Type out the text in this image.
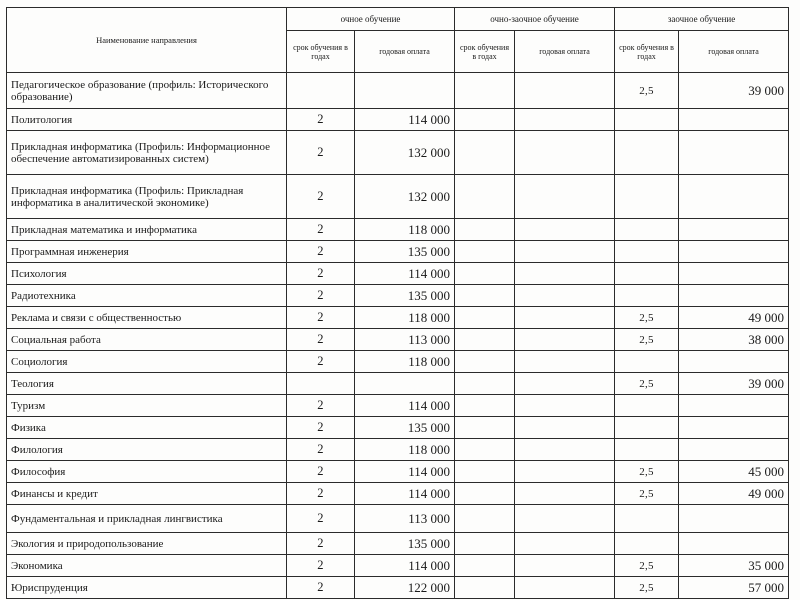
Наименование направления	очное обучение		очно-заочное обучение		заочное обучение	
	срок обучения в годах	годовая оплата	срок обучения в годах	годовая оплата	срок обучения в годах	годовая оплата
Педагогическое образование (профиль: Исторического образование)					2,5	39 000
Политология	2	114 000				
Прикладная информатика (Профиль: Информационное обеспечение автоматизированных систем)	2	132 000				
Прикладная информатика (Профиль: Прикладная информатика в аналитической экономике)	2	132 000				
Прикладная математика и информатика	2	118 000				
Программная инженерия	2	135 000				
Психология	2	114 000				
Радиотехника	2	135 000				
Реклама и связи с общественностью	2	118 000			2,5	49 000
Социальная работа	2	113 000			2,5	38 000
Социология	2	118 000				
Теология					2,5	39 000
Туризм	2	114 000				
Физика	2	135 000				
Филология	2	118 000				
Философия	2	114 000			2,5	45 000
Финансы и кредит	2	114 000			2,5	49 000
Фундаментальная и прикладная лингвистика	2	113 000				
Экология и природопользование	2	135 000				
Экономика	2	114 000			2,5	35 000
Юриспруденция	2	122 000			2,5	57 000
